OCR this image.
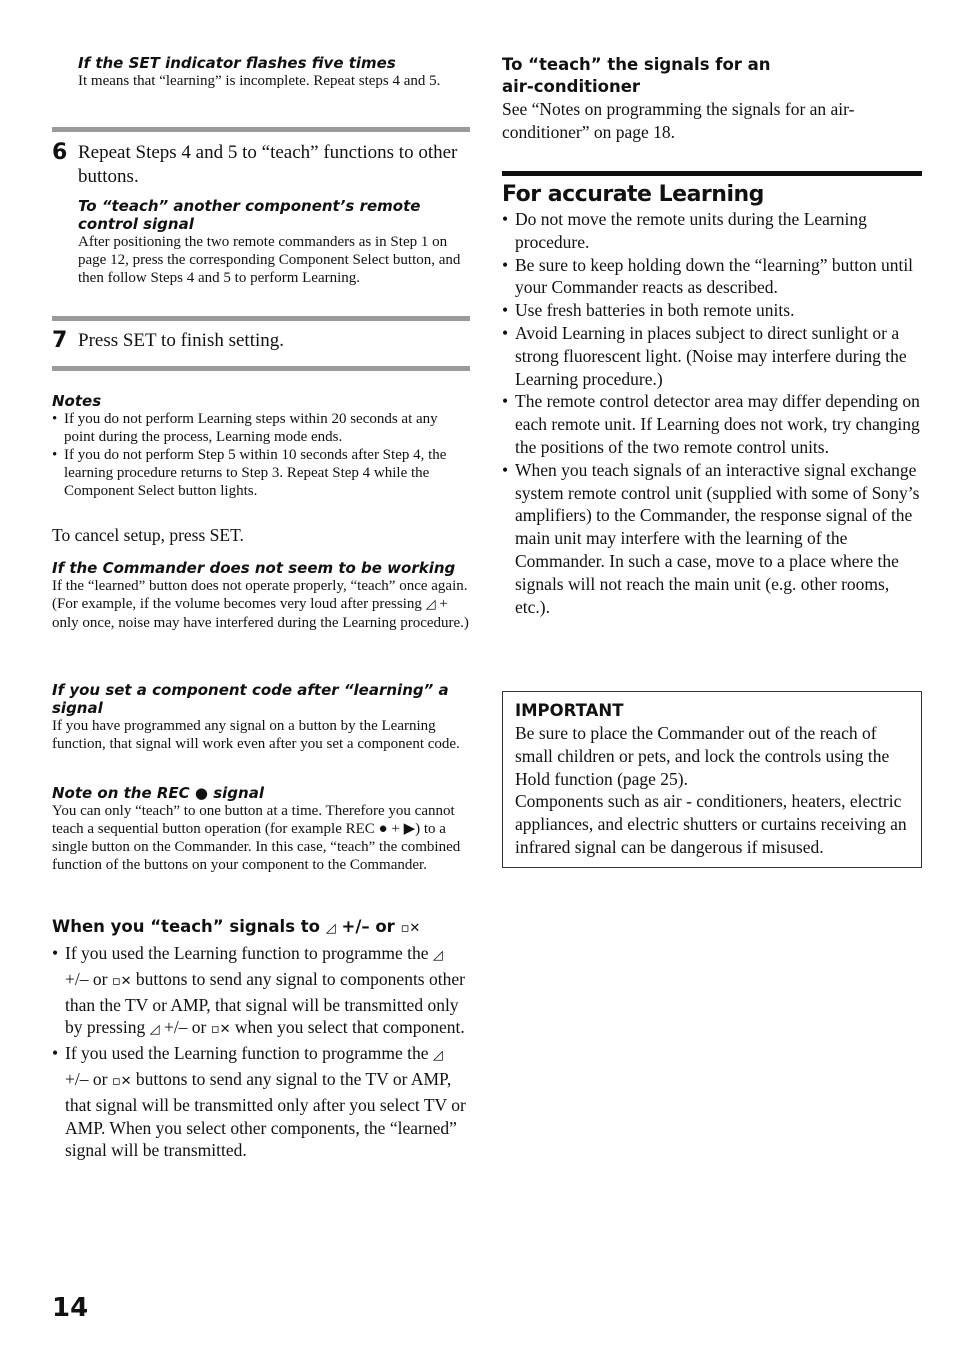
If the SET indicator flashes five times
It means that “learning” is incomplete. Repeat steps 4 and 5.
6 Repeat Steps 4 and 5 to “teach” functions to other buttons.
To “teach” another component’s remote control signal
After positioning the two remote commanders as in Step 1 on page 12, press the corresponding Component Select button, and then follow Steps 4 and 5 to perform Learning.
7 Press SET to finish setting.
Notes
• If you do not perform Learning steps within 20 seconds at any point during the process, Learning mode ends.
• If you do not perform Step 5 within 10 seconds after Step 4, the learning procedure returns to Step 3. Repeat Step 4 while the Component Select button lights.
To cancel setup, press SET.
If the Commander does not seem to be working
If the “learned” button does not operate properly, “teach” once again. (For example, if the volume becomes very loud after pressing ◿ + only once, noise may have interfered during the Learning procedure.)
If you set a component code after “learning” a signal
If you have programmed any signal on a button by the Learning function, that signal will work even after you set a component code.
Note on the REC ● signal
You can only “teach” to one button at a time. Therefore you cannot teach a sequential button operation (for example REC ● + ▶) to a single button on the Commander. In this case, “teach” the combined function of the buttons on your component to the Commander.
When you “teach” signals to ◿ +/– or ▫✕
• If you used the Learning function to programme the ◿ +/– or ▫✕ buttons to send any signal to components other than the TV or AMP, that signal will be transmitted only by pressing ◿ +/– or ▫✕ when you select that component.
• If you used the Learning function to programme the ◿ +/– or ▫✕ buttons to send any signal to the TV or AMP, that signal will be transmitted only after you select TV or AMP. When you select other components, the “learned” signal will be transmitted.
14
To “teach” the signals for an
air-conditioner
See “Notes on programming the signals for an air-conditioner” on page 18.
For accurate Learning
• Do not move the remote units during the Learning procedure.
• Be sure to keep holding down the “learning” button until your Commander reacts as described.
• Use fresh batteries in both remote units.
• Avoid Learning in places subject to direct sunlight or a strong fluorescent light. (Noise may interfere during the Learning procedure.)
• The remote control detector area may differ depending on each remote unit. If Learning does not work, try changing the positions of the two remote control units.
• When you teach signals of an interactive signal exchange system remote control unit (supplied with some of Sony’s amplifiers) to the Commander, the response signal of the main unit may interfere with the learning of the Commander. In such a case, move to a place where the signals will not reach the main unit (e.g. other rooms, etc.).
IMPORTANT
Be sure to place the Commander out of the reach of small children or pets, and lock the controls using the Hold function (page 25).
Components such as air - conditioners, heaters, electric appliances, and electric shutters or curtains receiving an infrared signal can be dangerous if misused.
